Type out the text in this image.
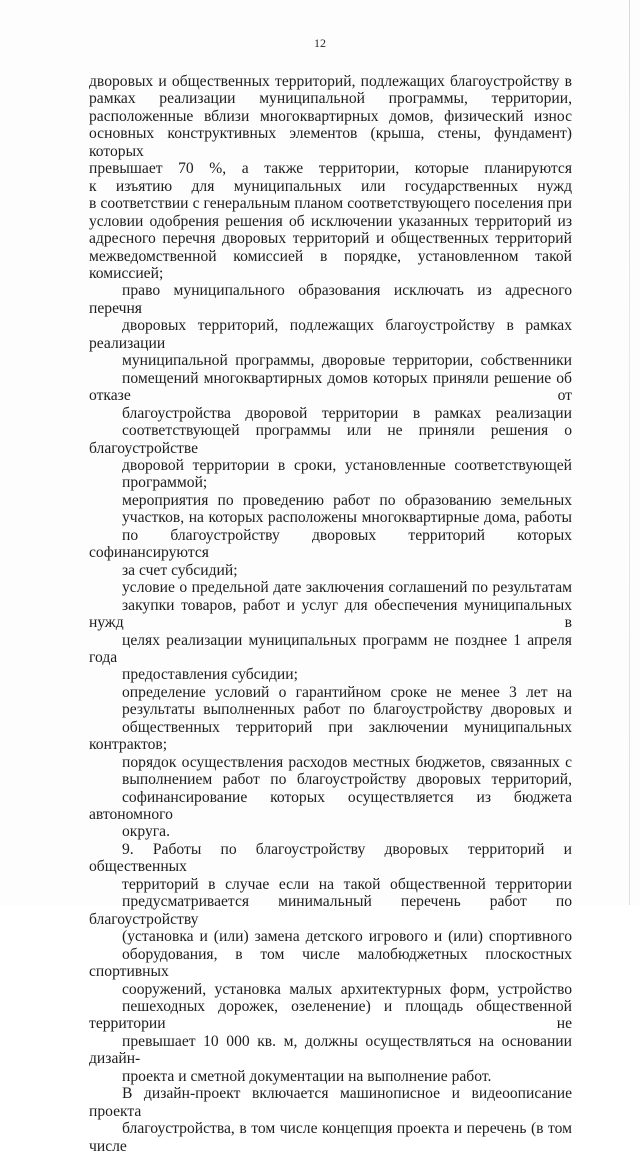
12

дворовых и общественных территорий, подлежащих благоустройству в
рамках реализации муниципальной программы, территории,
расположенные вблизи многоквартирных домов, физический износ
основных конструктивных элементов (крыша, стены, фундамент) которых
превышает 70 %, а также территории, которые планируются
к изъятию для муниципальных или государственных нужд
в соответствии с генеральным планом соответствующего поселения при
условии одобрения решения об исключении указанных территорий из
адресного перечня дворовых территорий и общественных территорий
межведомственной комиссией в порядке, установленном такой комиссией;

право муниципального образования исключать из адресного перечня
дворовых территорий, подлежащих благоустройству в рамках реализации
муниципальной программы, дворовые территории, собственники
помещений многоквартирных домов которых приняли решение об отказе от
благоустройства дворовой территории в рамках реализации
соответствующей программы или не приняли решения о благоустройстве
дворовой территории в сроки, установленные соответствующей
программой;

мероприятия по проведению работ по образованию земельных
участков, на которых расположены многоквартирные дома, работы
по благоустройству дворовых территорий которых софинансируются
за счет субсидий;

условие о предельной дате заключения соглашений по результатам
закупки товаров, работ и услуг для обеспечения муниципальных нужд в
целях реализации муниципальных программ не позднее 1 апреля года
предоставления субсидии;

определение условий о гарантийном сроке не менее 3 лет на
результаты выполненных работ по благоустройству дворовых и
общественных территорий при заключении муниципальных контрактов;

порядок осуществления расходов местных бюджетов, связанных с
выполнением работ по благоустройству дворовых территорий,
софинансирование которых осуществляется из бюджета автономного
округа.

9. Работы по благоустройству дворовых территорий и общественных
территорий в случае если на такой общественной территории
предусматривается минимальный перечень работ по благоустройству
(установка и (или) замена детского игрового и (или) спортивного
оборудования, в том числе малобюджетных плоскостных спортивных
сооружений, установка малых архитектурных форм, устройство
пешеходных дорожек, озеленение) и площадь общественной территории не
превышает 10 000 кв. м, должны осуществляться на основании дизайн-
проекта и сметной документации на выполнение работ.

В дизайн-проект включается машинописное и видеоописание проекта
благоустройства, в том числе концепция проекта и перечень (в том числе
